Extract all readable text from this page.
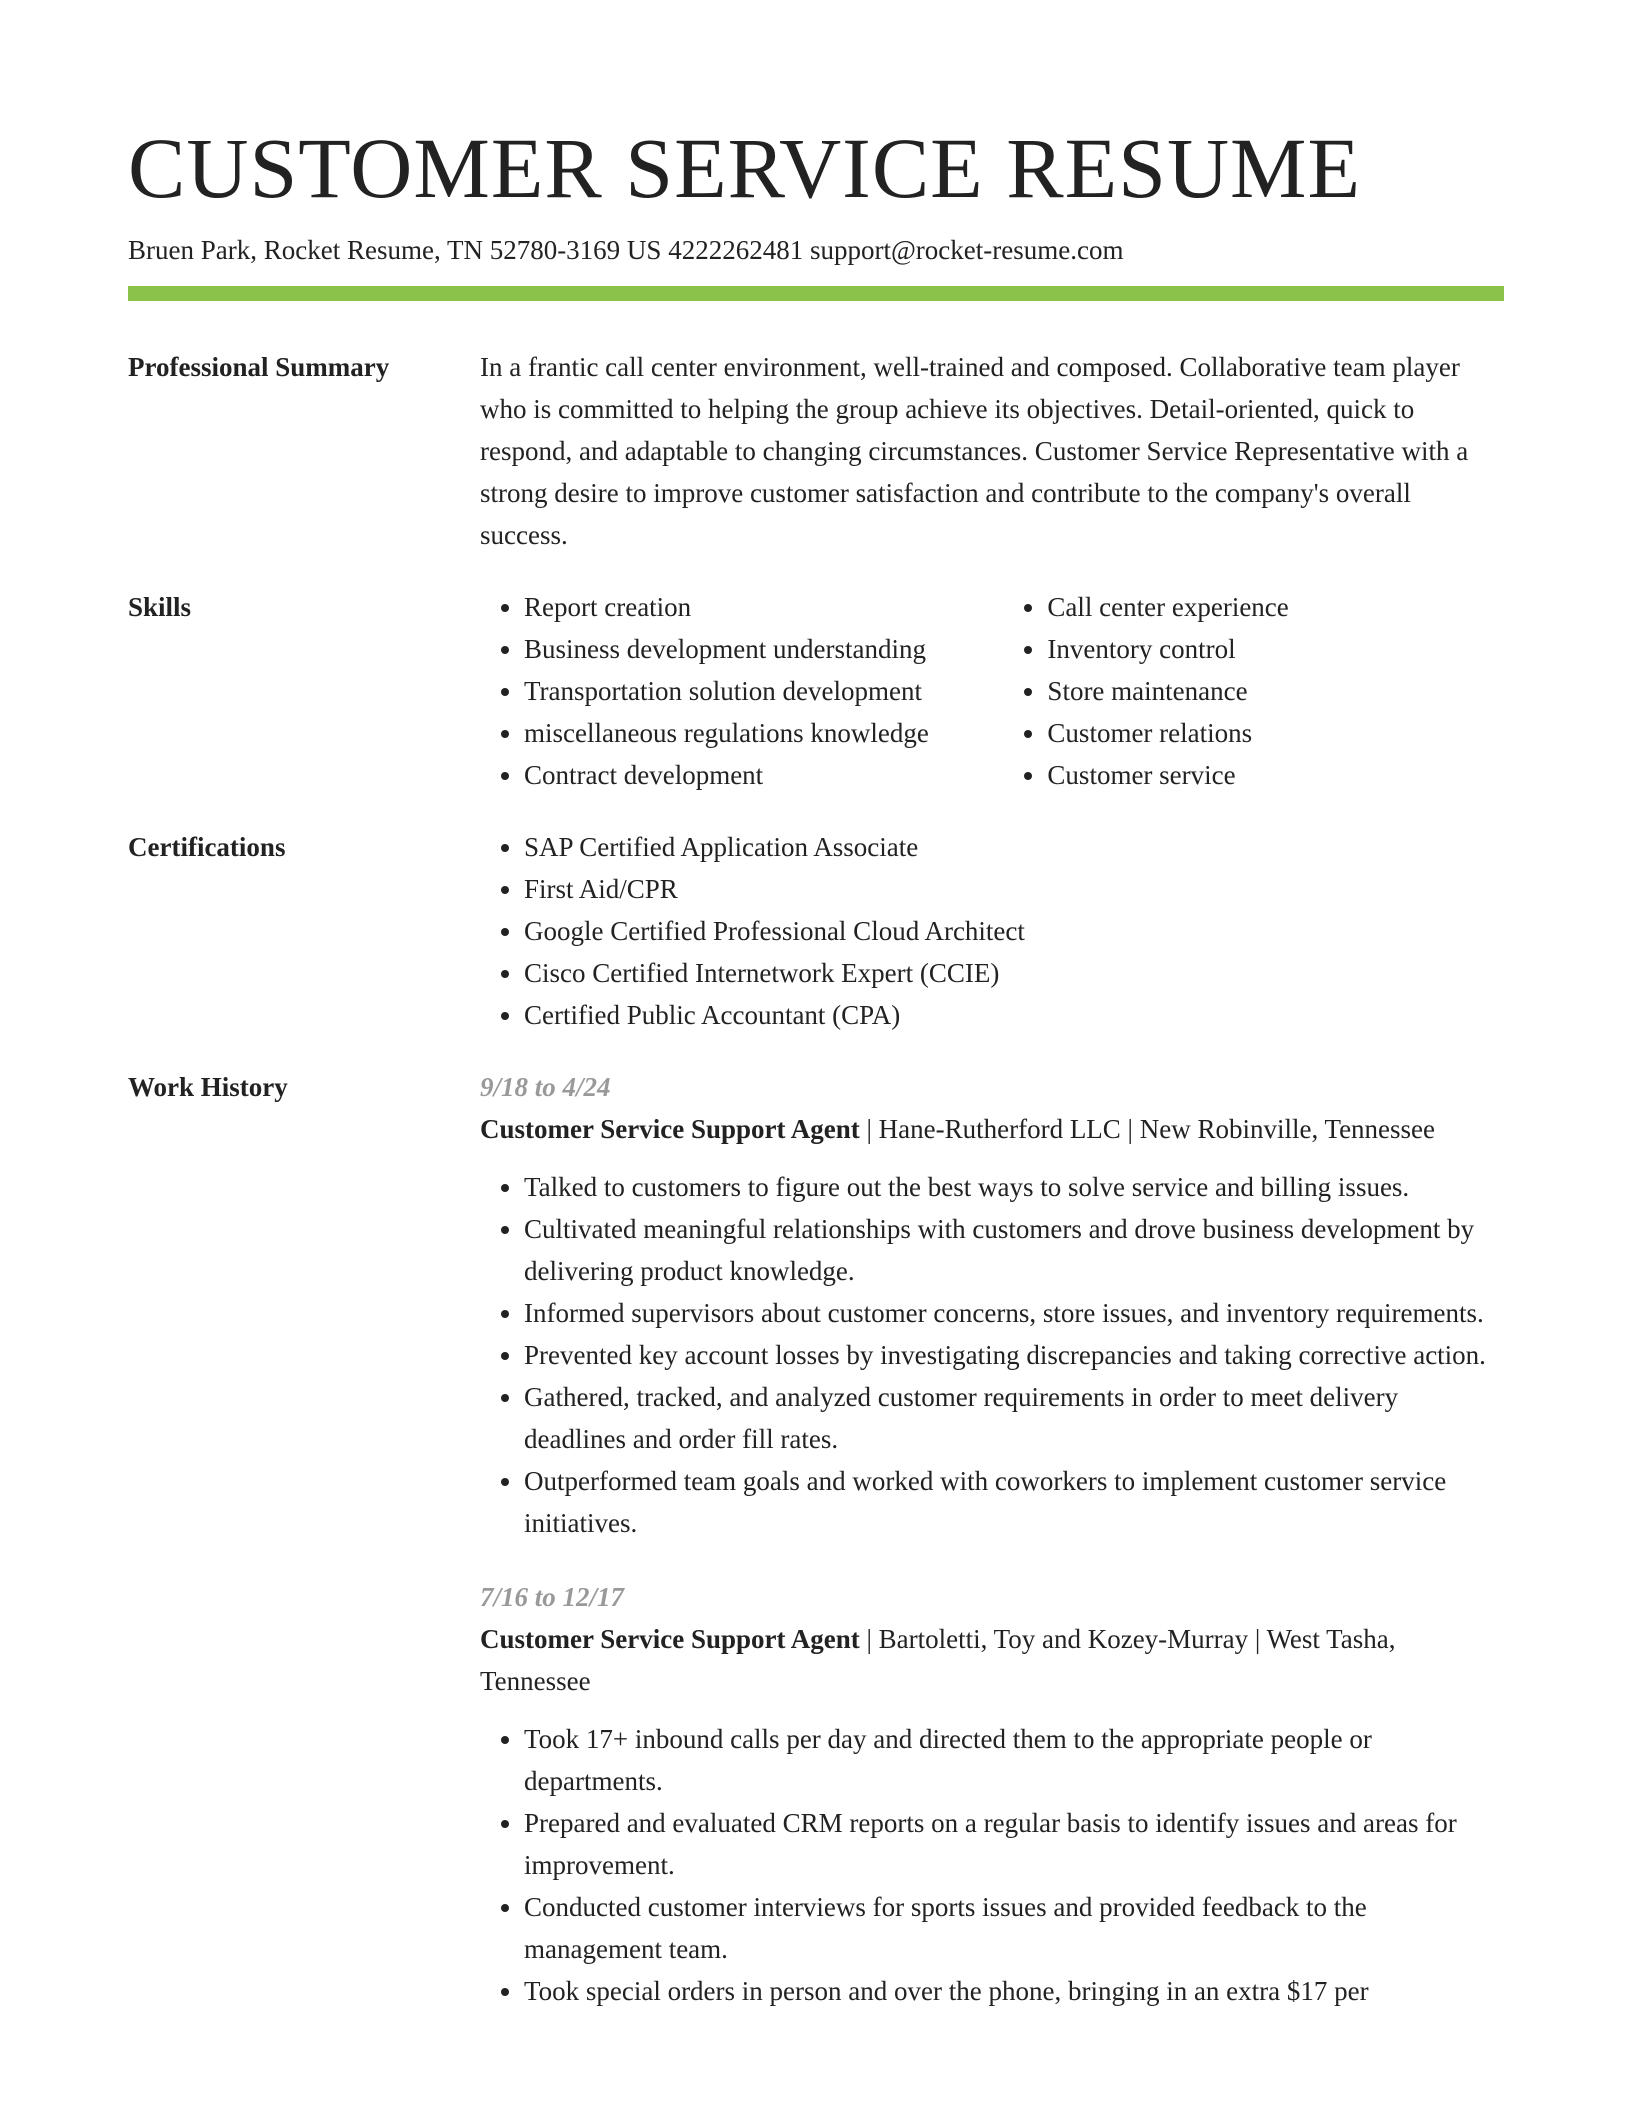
CUSTOMER SERVICE RESUME
Bruen Park, Rocket Resume, TN 52780-3169 US 4222262481 support@rocket-resume.com
Professional Summary	In a frantic call center environment, well-trained and composed. Collaborative team player who is committed to helping the group achieve its objectives. Detail-oriented, quick to respond, and adaptable to changing circumstances. Customer Service Representative with a strong desire to improve customer satisfaction and contribute to the company's overall success.

Skills	• Report creation
• Business development understanding
• Transportation solution development
• miscellaneous regulations knowledge
• Contract development
• Call center experience
• Inventory control
• Store maintenance
• Customer relations
• Customer service
Certifications	• SAP Certified Application Associate
• First Aid/CPR
• Google Certified Professional Cloud Architect
• Cisco Certified Internetwork Expert (CCIE)
• Certified Public Accountant (CPA)
Work History	9/18 to 4/24
Customer Service Support Agent | Hane-Rutherford LLC | New Robinville, Tennessee
• Talked to customers to figure out the best ways to solve service and billing issues.
• Cultivated meaningful relationships with customers and drove business development by delivering product knowledge.
• Informed supervisors about customer concerns, store issues, and inventory requirements.
• Prevented key account losses by investigating discrepancies and taking corrective action.
• Gathered, tracked, and analyzed customer requirements in order to meet delivery deadlines and order fill rates.
• Outperformed team goals and worked with coworkers to implement customer service initiatives.
7/16 to 12/17
Customer Service Support Agent | Bartoletti, Toy and Kozey-Murray | West Tasha, Tennessee
• Took 17+ inbound calls per day and directed them to the appropriate people or departments.
• Prepared and evaluated CRM reports on a regular basis to identify issues and areas for improvement.
• Conducted customer interviews for sports issues and provided feedback to the management team.
• Took special orders in person and over the phone, bringing in an extra $17 per
